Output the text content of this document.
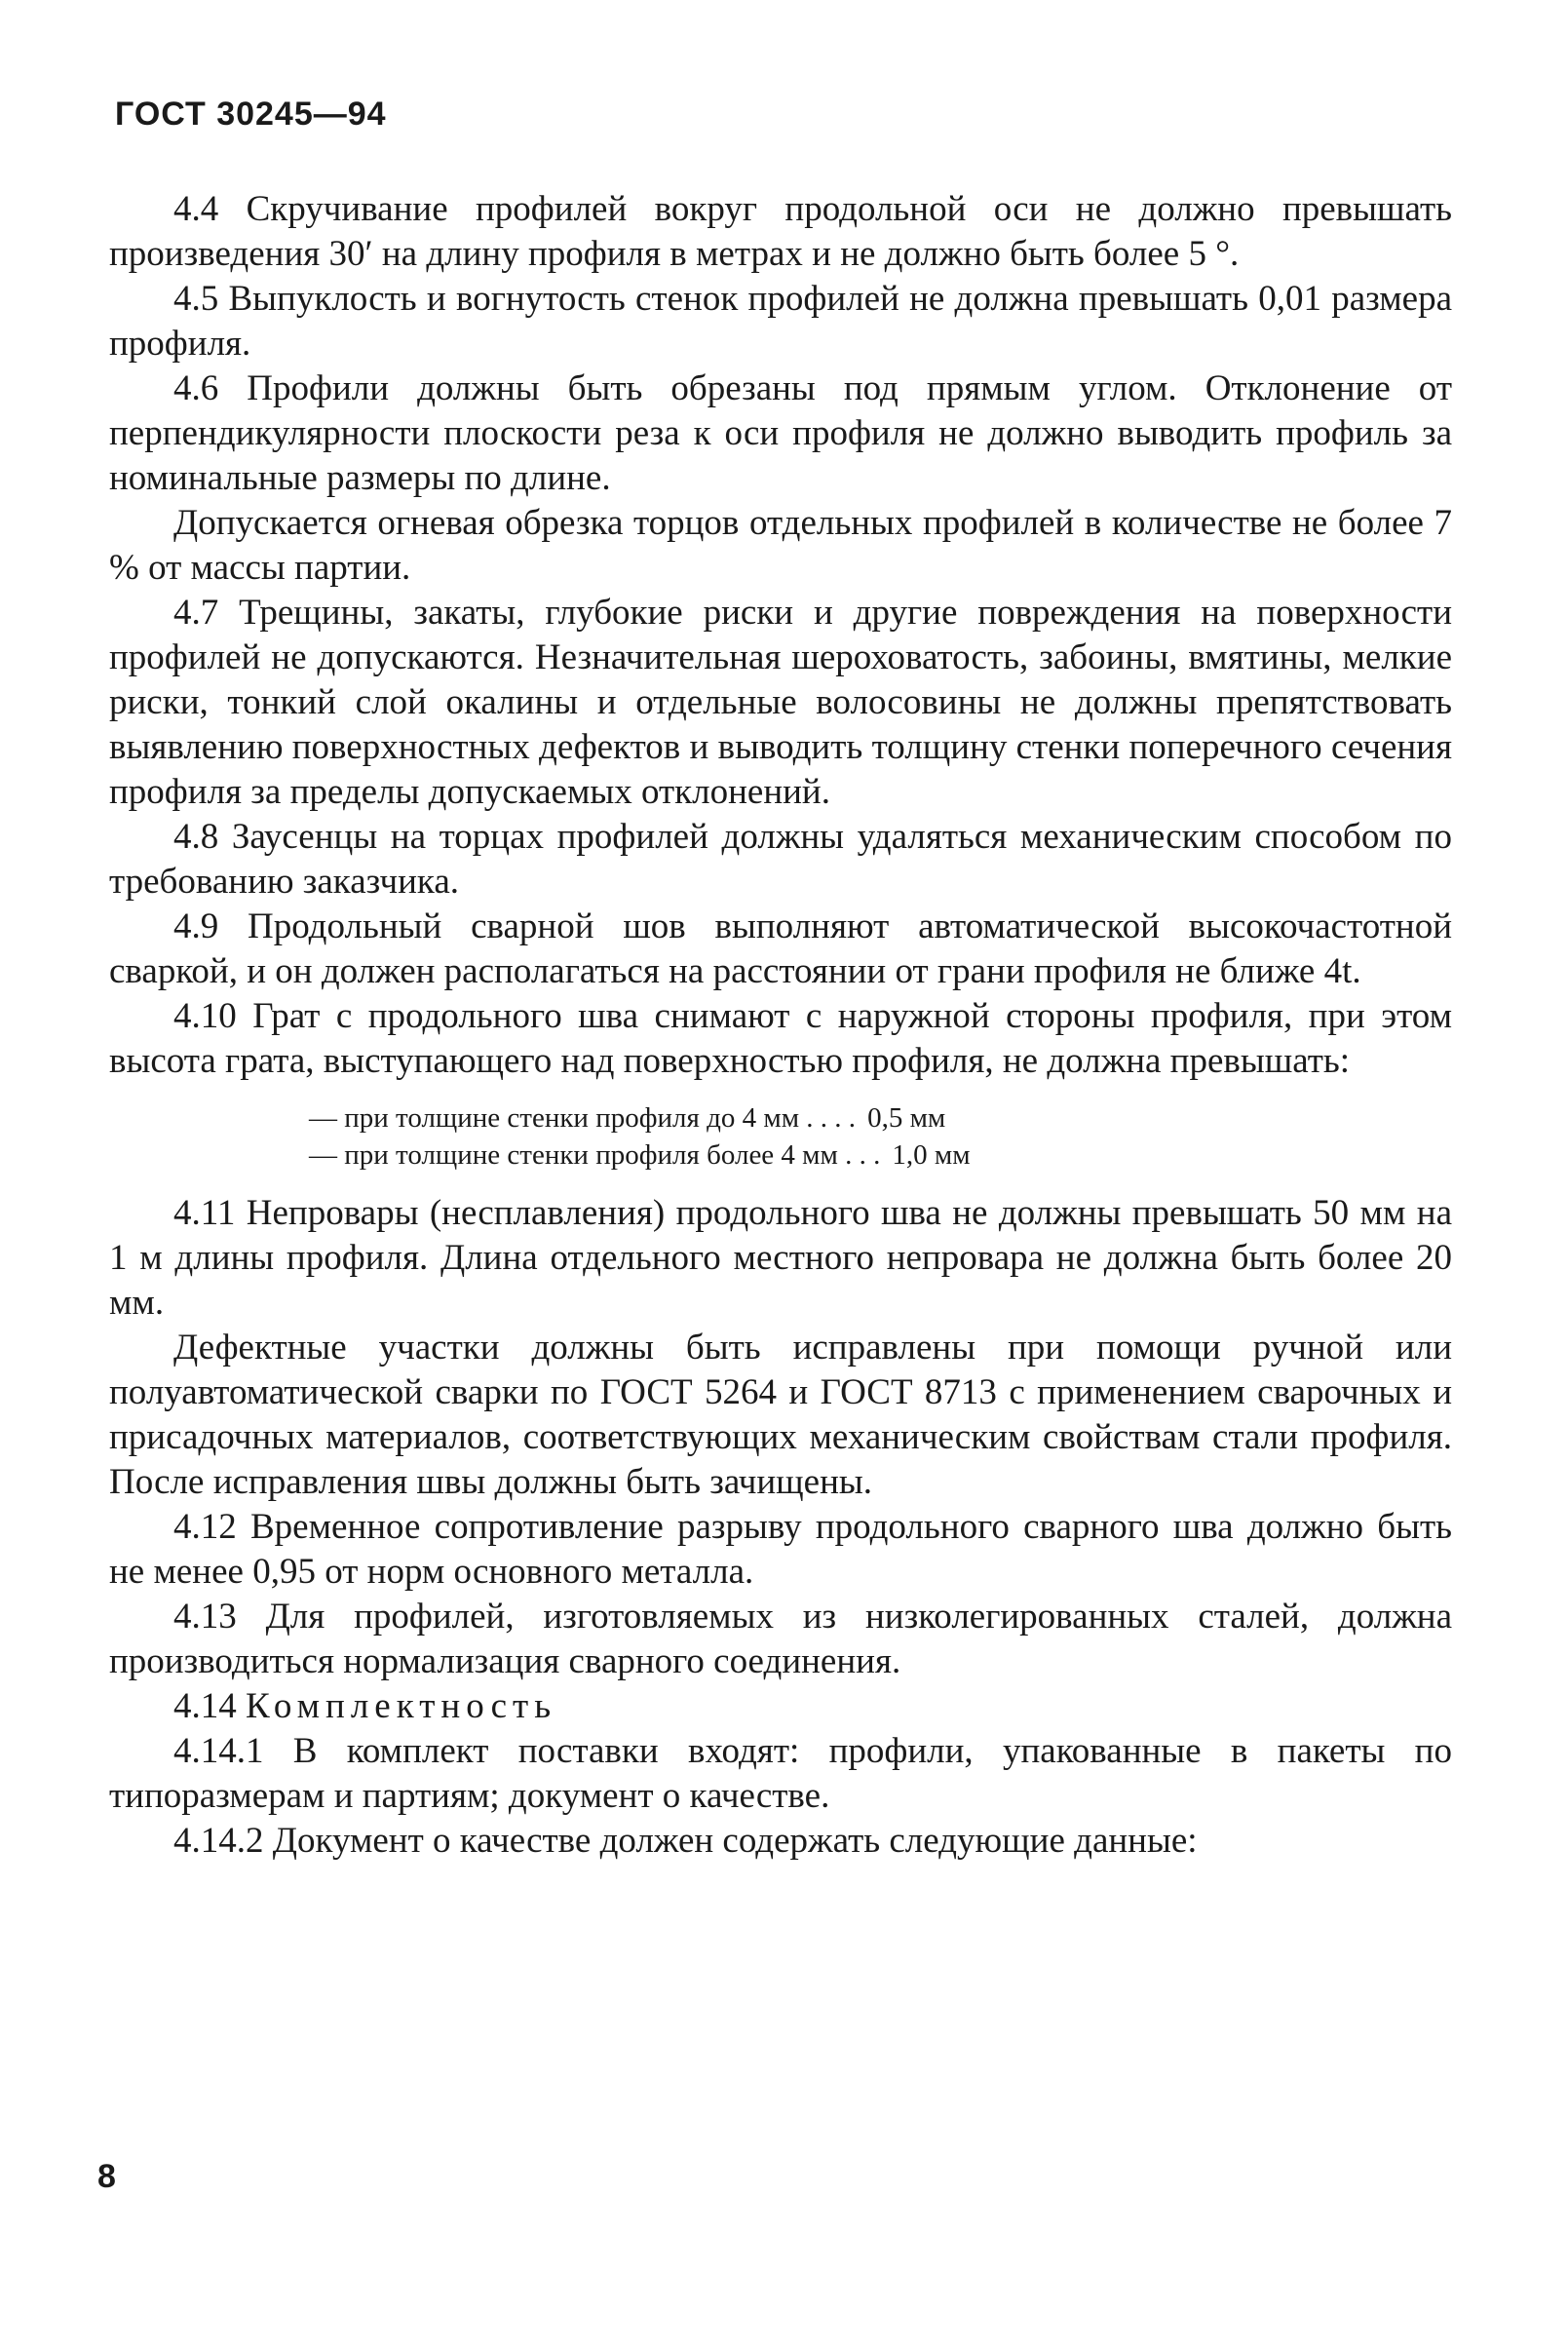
ГОСТ 30245—94

4.4 Скручивание профилей вокруг продольной оси не должно превышать произведения 30′ на длину профиля в метрах и не должно быть более 5 °.

4.5 Выпуклость и вогнутость стенок профилей не должна превышать 0,01 размера профиля.

4.6 Профили должны быть обрезаны под прямым углом. Отклонение от перпендикулярности плоскости реза к оси профиля не должно выводить профиль за номинальные размеры по длине.

Допускается огневая обрезка торцов отдельных профилей в количестве не более 7 % от массы партии.

4.7 Трещины, закаты, глубокие риски и другие повреждения на поверхности профилей не допускаются. Незначительная шероховатость, забоины, вмятины, мелкие риски, тонкий слой окалины и отдельные волосовины не должны препятствовать выявлению поверхностных дефектов и выводить толщину стенки поперечного сечения профиля за пределы допускаемых отклонений.

4.8 Заусенцы на торцах профилей должны удаляться механическим способом по требованию заказчика.

4.9 Продольный сварной шов выполняют автоматической высокочастотной сваркой, и он должен располагаться на расстоянии от грани профиля не ближе 4t.

4.10 Грат с продольного шва снимают с наружной стороны профиля, при этом высота грата, выступающего над поверхностью профиля, не должна превышать:

— при толщине стенки профиля до 4 мм . . . . 0,5 мм
— при толщине стенки профиля более 4 мм . . . 1,0 мм

4.11 Непровары (несплавления) продольного шва не должны превышать 50 мм на 1 м длины профиля. Длина отдельного местного непровара не должна быть более 20 мм.

Дефектные участки должны быть исправлены при помощи ручной или полуавтоматической сварки по ГОСТ 5264 и ГОСТ 8713 с применением сварочных и присадочных материалов, соответствующих механическим свойствам стали профиля. После исправления швы должны быть зачищены.

4.12 Временное сопротивление разрыву продольного сварного шва должно быть не менее 0,95 от норм основного металла.

4.13 Для профилей, изготовляемых из низколегированных сталей, должна производиться нормализация сварного соединения.

4.14 Комплектность

4.14.1 В комплект поставки входят: профили, упакованные в пакеты по типоразмерам и партиям; документ о качестве.

4.14.2 Документ о качестве должен содержать следующие данные:

8
